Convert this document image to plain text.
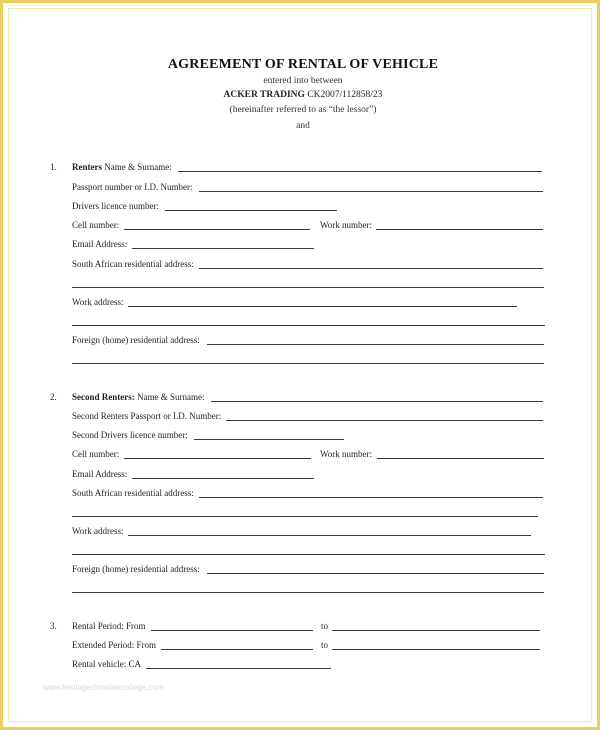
AGREEMENT OF RENTAL OF VEHICLE
entered into between
ACKER TRADING CK2007/112858/23
(hereinafter referred to as “the lessor”)
and
1. Renters Name & Surname:
Passport number or I.D. Number:
Drivers licence number:
Cell number:	Work number:
Email Address:
South African residential address:
Work address:
Foreign (home) residential address:
2. Second Renters: Name & Surname:
Second Renters Passport or I.D. Number:
Second Drivers licence number:
Cell number:	Work number:
Email Address:
South African residential address:
Work address:
Foreign (home) residential address:
3. Rental Period: From	to
Extended Period: From	to
Rental vehicle: CA
www.heritagechristiancollege.com
